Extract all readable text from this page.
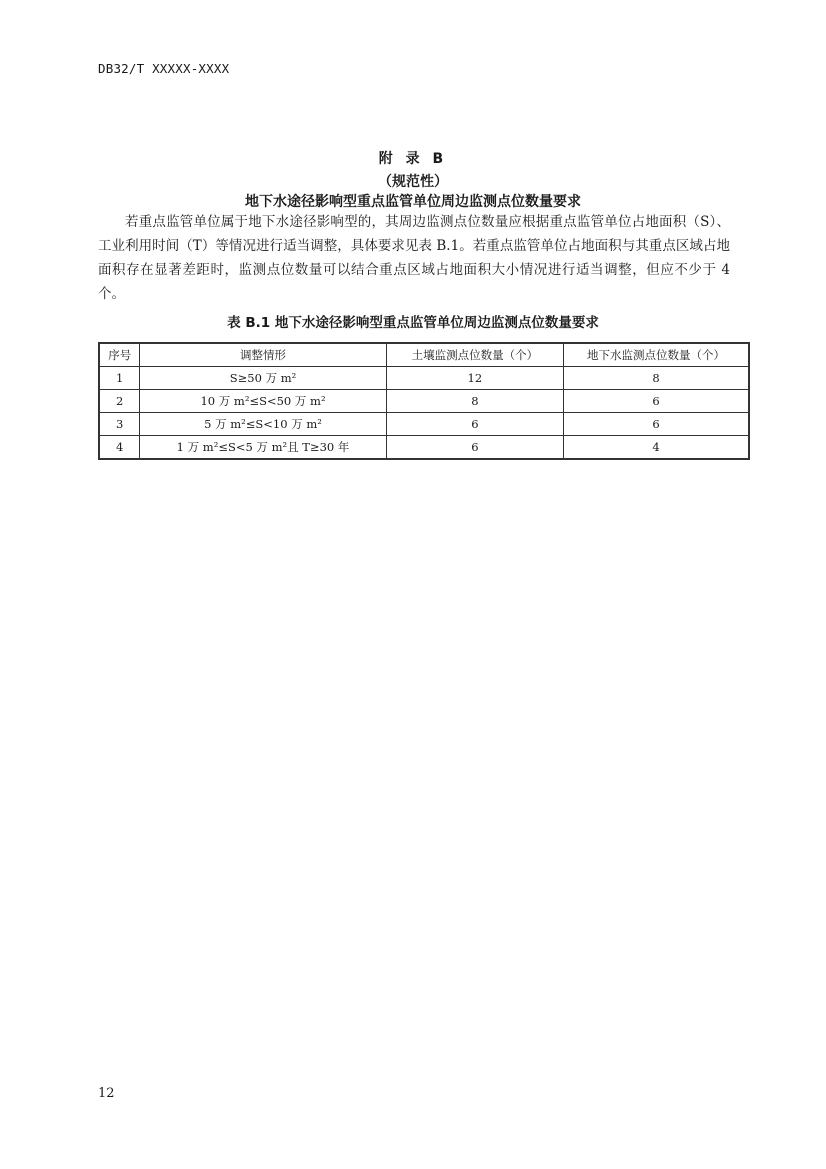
DB32/T XXXXX-XXXX
附 录 B
（规范性）
地下水途径影响型重点监管单位周边监测点位数量要求

若重点监管单位属于地下水途径影响型的，其周边监测点位数量应根据重点监管单位占地面积（S）、工业利用时间（T）等情况进行适当调整，具体要求见表 B.1。若重点监管单位占地面积与其重点区域占地面积存在显著差距时，监测点位数量可以结合重点区域占地面积大小情况进行适当调整，但应不少于 4 个。

表 B.1 地下水途径影响型重点监管单位周边监测点位数量要求
序号	调整情形	土壤监测点位数量（个）	地下水监测点位数量（个）
1	S≥50 万 m²	12	8
2	10 万 m²≤S<50 万 m²	8	6
3	5 万 m²≤S<10 万 m²	6	6
4	1 万 m²≤S<5 万 m²且 T≥30 年	6	4
12
